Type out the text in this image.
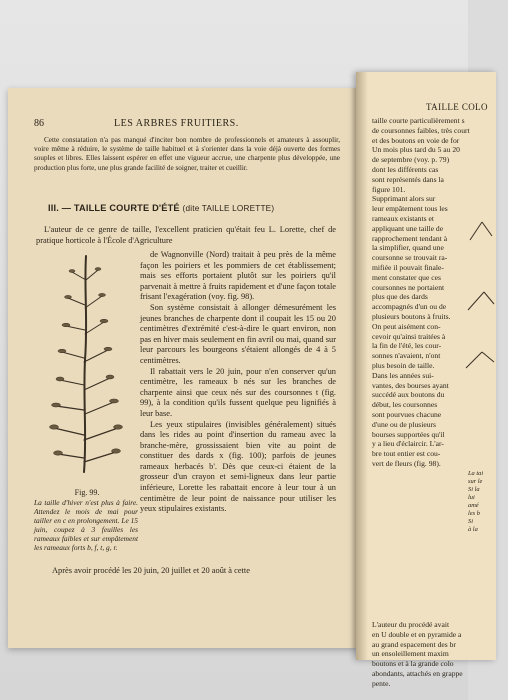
86	LES ARBRES FRUITIERS.
Cette constatation n'a pas manqué d'inciter bon nombre de professionnels et amateurs à assouplir, voire même à réduire, le système de taille habituel et à s'orienter dans la voie déjà ouverte des formes souples et libres. Elles laissent espérer en effet une vigueur accrue, une charpente plus développée, une production plus forte, une plus grande facilité de soigner, traiter et cueillir.
III. — TAILLE COURTE D'ÉTÉ (dite TAILLE LORETTE)
L'auteur de ce genre de taille, l'excellent praticien qu'était feu L. Lorette, chef de pratique horticole à l'École d'Agriculture

de Wagnonville (Nord) traitait à peu près de la même façon les poiriers et les pommiers de cet établissement; mais ses efforts portaient plutôt sur les poiriers qu'il parvenait à mettre à fruits rapidement et d'une façon totale frisant l'exagération (voy. fig. 98).

Son système consistait à allonger démesurément les jeunes branches de charpente dont il coupait les 15 ou 20 centimètres d'extrémité c'est-à-dire le quart environ, non pas en hiver mais seulement en fin avril ou mai, quand sur leur parcours les bourgeons s'étaient allongés de 4 à 5 centimètres.

Il rabattait vers le 20 juin, pour n'en conserver qu'un centimètre, les rameaux b nés sur les branches de charpente ainsi que ceux nés sur des coursonnes t (fig. 99), à la condition qu'ils fussent quelque peu lignifiés à leur base.

Les yeux stipulaires (invisibles généralement) situés dans les rides au point d'insertion du rameau avec la branche-mère, grossissaient bien vite au point de constituer des dards x (fig. 100); parfois de jeunes rameaux herbacés b'. Dès que ceux-ci étaient de la grosseur d'un crayon et semi-ligneux dans leur partie inférieure, Lorette les rabattait encore à leur tour à un centimètre de leur point de naissance pour utiliser les yeux stipulaires existants.

Fig. 99.
La taille d'hiver n'est plus à faire. Attendez le mois de mai pour tailler en c en prolongement. Le 15 juin, coupez à 3 feuilles les rameaux faibles et sur empâtement les rameaux forts b, f, t, g, r.
Après avoir procédé les 20 juin, 20 juillet et 20 août à cette
TAILLE COLO
taille courte particulièrement s
de coursonnes faibles, très court
et des boutons en voie de for
Un mois plus tard du 5 au 20
de septembre (voy. p. 79)
dont les différents cas
sont représentés dans la
figure 101.
Supprimant alors sur
leur empâtement tous les
rameaux existants et
appliquant une taille de
rapprochement tendant à
la simplifier, quand une
coursonne se trouvait ra-
mifiée il pouvait finale-
ment constater que ces
coursonnes ne portaient
plus que des dards
accompagnés d'un ou de
plusieurs boutons à fruits.
On peut aisément con-
cevoir qu'ainsi traitées à
la fin de l'été, les cour-
sonnes n'avaient, n'ont
plus besoin de taille.
Dans les années sui-
vantes, des bourses ayant
succédé aux boutons du
début, les coursonnes
sont pourvues chacune
d'une ou de plusieurs
bourses supportées qu'il
y a lieu d'éclaircir. L'ar-
bre tout entier est cou-
vert de fleurs (fig. 98).
La tai
sur le
Si la
lui
amé
les b
Si
à la
L'auteur du procédé avait
en U double et en pyramide a
au grand espacement des br
un ensoleillement maxim
boutons et à la grande colo
abondants, attachés en grappe
pente.
